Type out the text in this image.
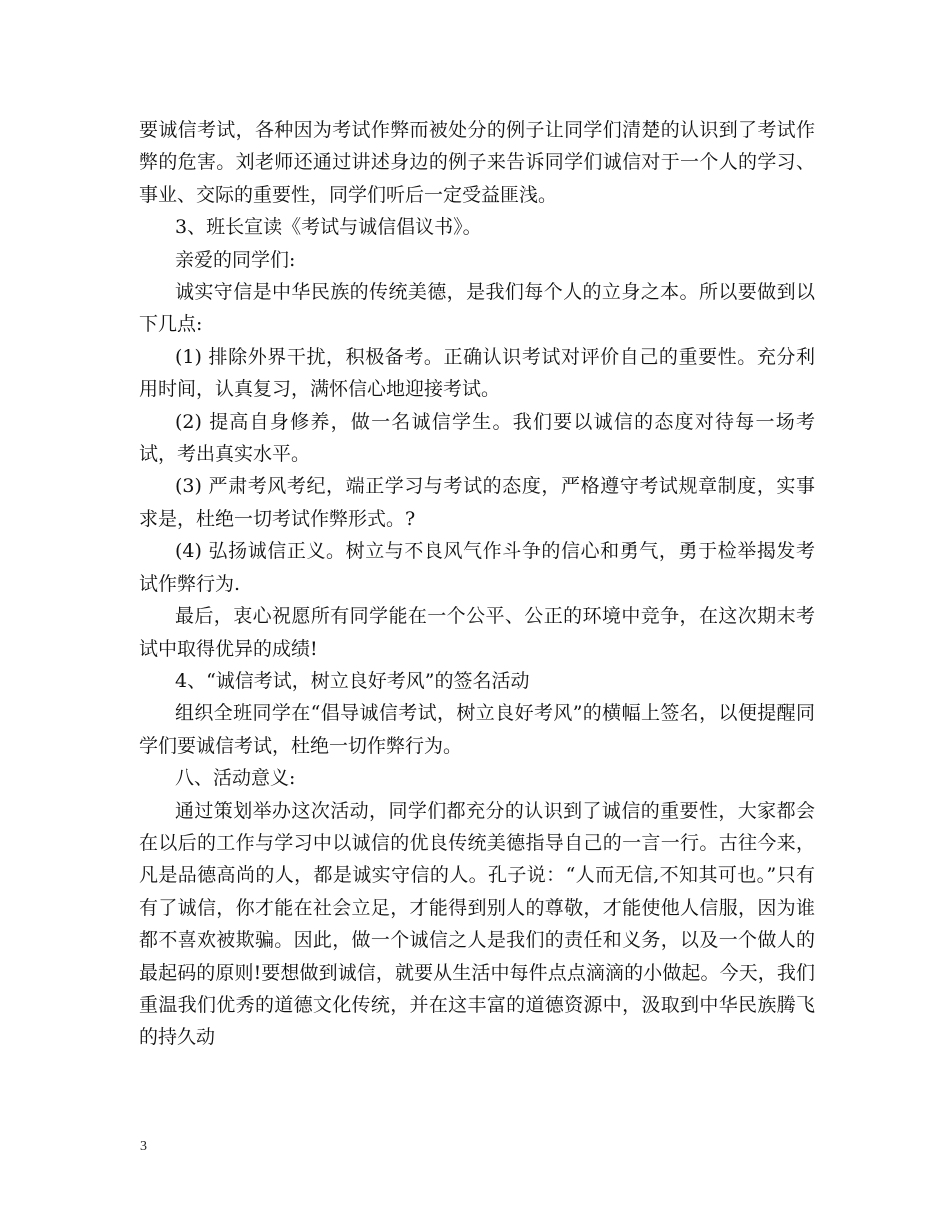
要诚信考试，各种因为考试作弊而被处分的例子让同学们清楚的认识到了考试作弊的危害。刘老师还通过讲述身边的例子来告诉同学们诚信对于一个人的学习、事业、交际的重要性，同学们听后一定受益匪浅。

3、班长宣读《考试与诚信倡议书》。

亲爱的同学们:

诚实守信是中华民族的传统美德，是我们每个人的立身之本。所以要做到以下几点:

(1) 排除外界干扰，积极备考。正确认识考试对评价自己的重要性。充分利用时间，认真复习，满怀信心地迎接考试。

(2) 提高自身修养，做一名诚信学生。我们要以诚信的态度对待每一场考试，考出真实水平。

(3) 严肃考风考纪，端正学习与考试的态度，严格遵守考试规章制度，实事求是，杜绝一切考试作弊形式。?

(4) 弘扬诚信正义。树立与不良风气作斗争的信心和勇气，勇于检举揭发考试作弊行为.

最后，衷心祝愿所有同学能在一个公平、公正的环境中竞争，在这次期末考试中取得优异的成绩!

4、“诚信考试，树立良好考风”的签名活动

组织全班同学在“倡导诚信考试，树立良好考风”的横幅上签名，以便提醒同学们要诚信考试，杜绝一切作弊行为。

八、活动意义:

通过策划举办这次活动，同学们都充分的认识到了诚信的重要性，大家都会在以后的工作与学习中以诚信的优良传统美德指导自己的一言一行。古往今来，凡是品德高尚的人，都是诚实守信的人。孔子说：“人而无信,不知其可也。”只有有了诚信，你才能在社会立足，才能得到别人的尊敬，才能使他人信服，因为谁都不喜欢被欺骗。因此，做一个诚信之人是我们的责任和义务，以及一个做人的最起码的原则!要想做到诚信，就要从生活中每件点点滴滴的小做起。今天，我们重温我们优秀的道德文化传统，并在这丰富的道德资源中，汲取到中华民族腾飞的持久动

3
